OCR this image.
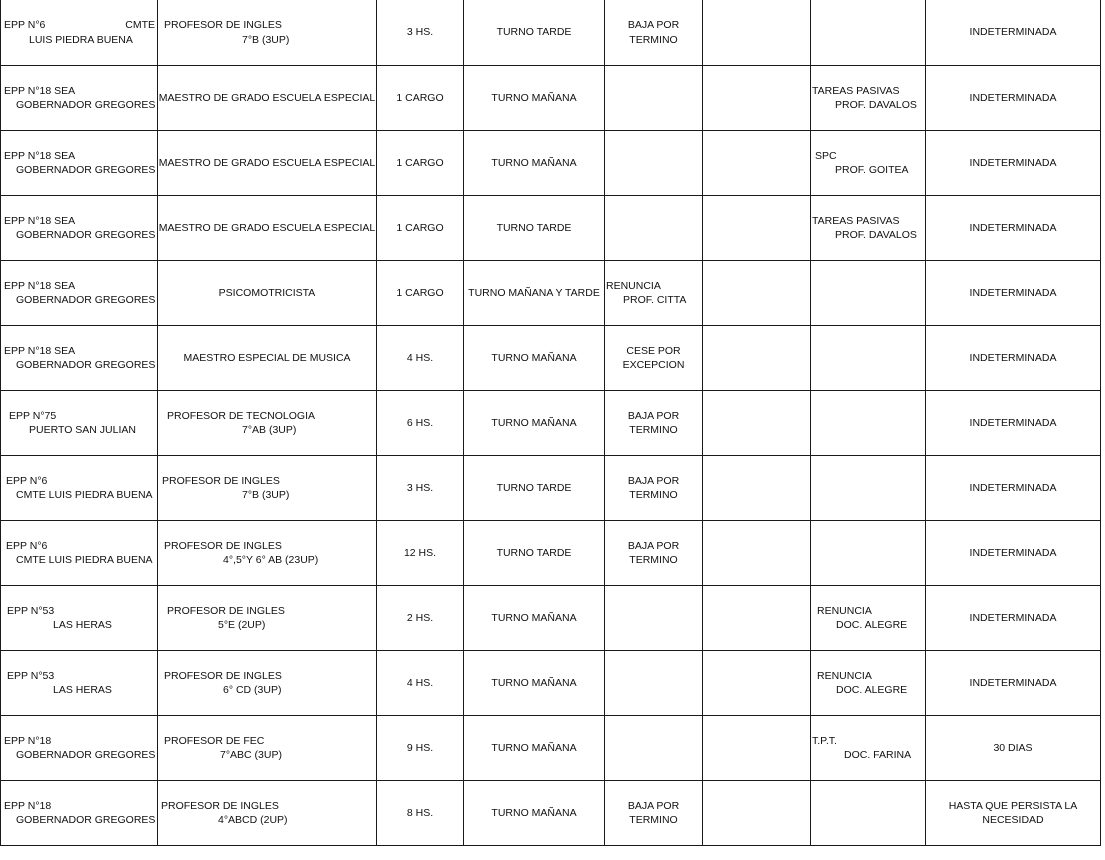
EPP N°6 CMTE
LUIS PIEDRA BUENA	PROFESOR DE INGLES
7°B (3UP)	3 HS.	TURNO TARDE	BAJA POR
TERMINO			INDETERMINADA

EPP N°18 SEA
GOBERNADOR GREGORES	MAESTRO DE GRADO ESCUELA ESPECIAL	1 CARGO	TURNO MAÑANA			TAREAS PASIVAS
PROF. DAVALOS	INDETERMINADA

EPP N°18 SEA
GOBERNADOR GREGORES	MAESTRO DE GRADO ESCUELA ESPECIAL	1 CARGO	TURNO MAÑANA			SPC
PROF. GOITEA	INDETERMINADA

EPP N°18 SEA
GOBERNADOR GREGORES	MAESTRO DE GRADO ESCUELA ESPECIAL	1 CARGO	TURNO TARDE			TAREAS PASIVAS
PROF. DAVALOS	INDETERMINADA

EPP N°18 SEA
GOBERNADOR GREGORES	PSICOMOTRICISTA	1 CARGO	TURNO MAÑANA Y TARDE	RENUNCIA
PROF. CITTA			INDETERMINADA

EPP N°18 SEA
GOBERNADOR GREGORES	MAESTRO ESPECIAL DE MUSICA	4 HS.	TURNO MAÑANA	CESE POR
EXCEPCION			INDETERMINADA

EPP N°75
PUERTO SAN JULIAN	PROFESOR DE TECNOLOGIA
7°AB (3UP)	6 HS.	TURNO MAÑANA	BAJA POR
TERMINO			INDETERMINADA

EPP N°6
CMTE LUIS PIEDRA BUENA	PROFESOR DE INGLES
7°B (3UP)	3 HS.	TURNO TARDE	BAJA POR
TERMINO			INDETERMINADA

EPP N°6
CMTE LUIS PIEDRA BUENA	PROFESOR DE INGLES
4°,5°Y 6° AB (23UP)	12 HS.	TURNO TARDE	BAJA POR
TERMINO			INDETERMINADA

EPP N°53
LAS HERAS	PROFESOR DE INGLES
5°E (2UP)	2 HS.	TURNO MAÑANA			RENUNCIA
DOC. ALEGRE	INDETERMINADA

EPP N°53
LAS HERAS	PROFESOR DE INGLES
6° CD (3UP)	4 HS.	TURNO MAÑANA			RENUNCIA
DOC. ALEGRE	INDETERMINADA

EPP N°18
GOBERNADOR GREGORES	PROFESOR DE FEC
7°ABC (3UP)	9 HS.	TURNO MAÑANA			T.P.T.
DOC. FARINA	30 DIAS

EPP N°18
GOBERNADOR GREGORES	PROFESOR DE INGLES
4°ABCD (2UP)	8 HS.	TURNO MAÑANA	BAJA POR
TERMINO			HASTA QUE PERSISTA LA
NECESIDAD
